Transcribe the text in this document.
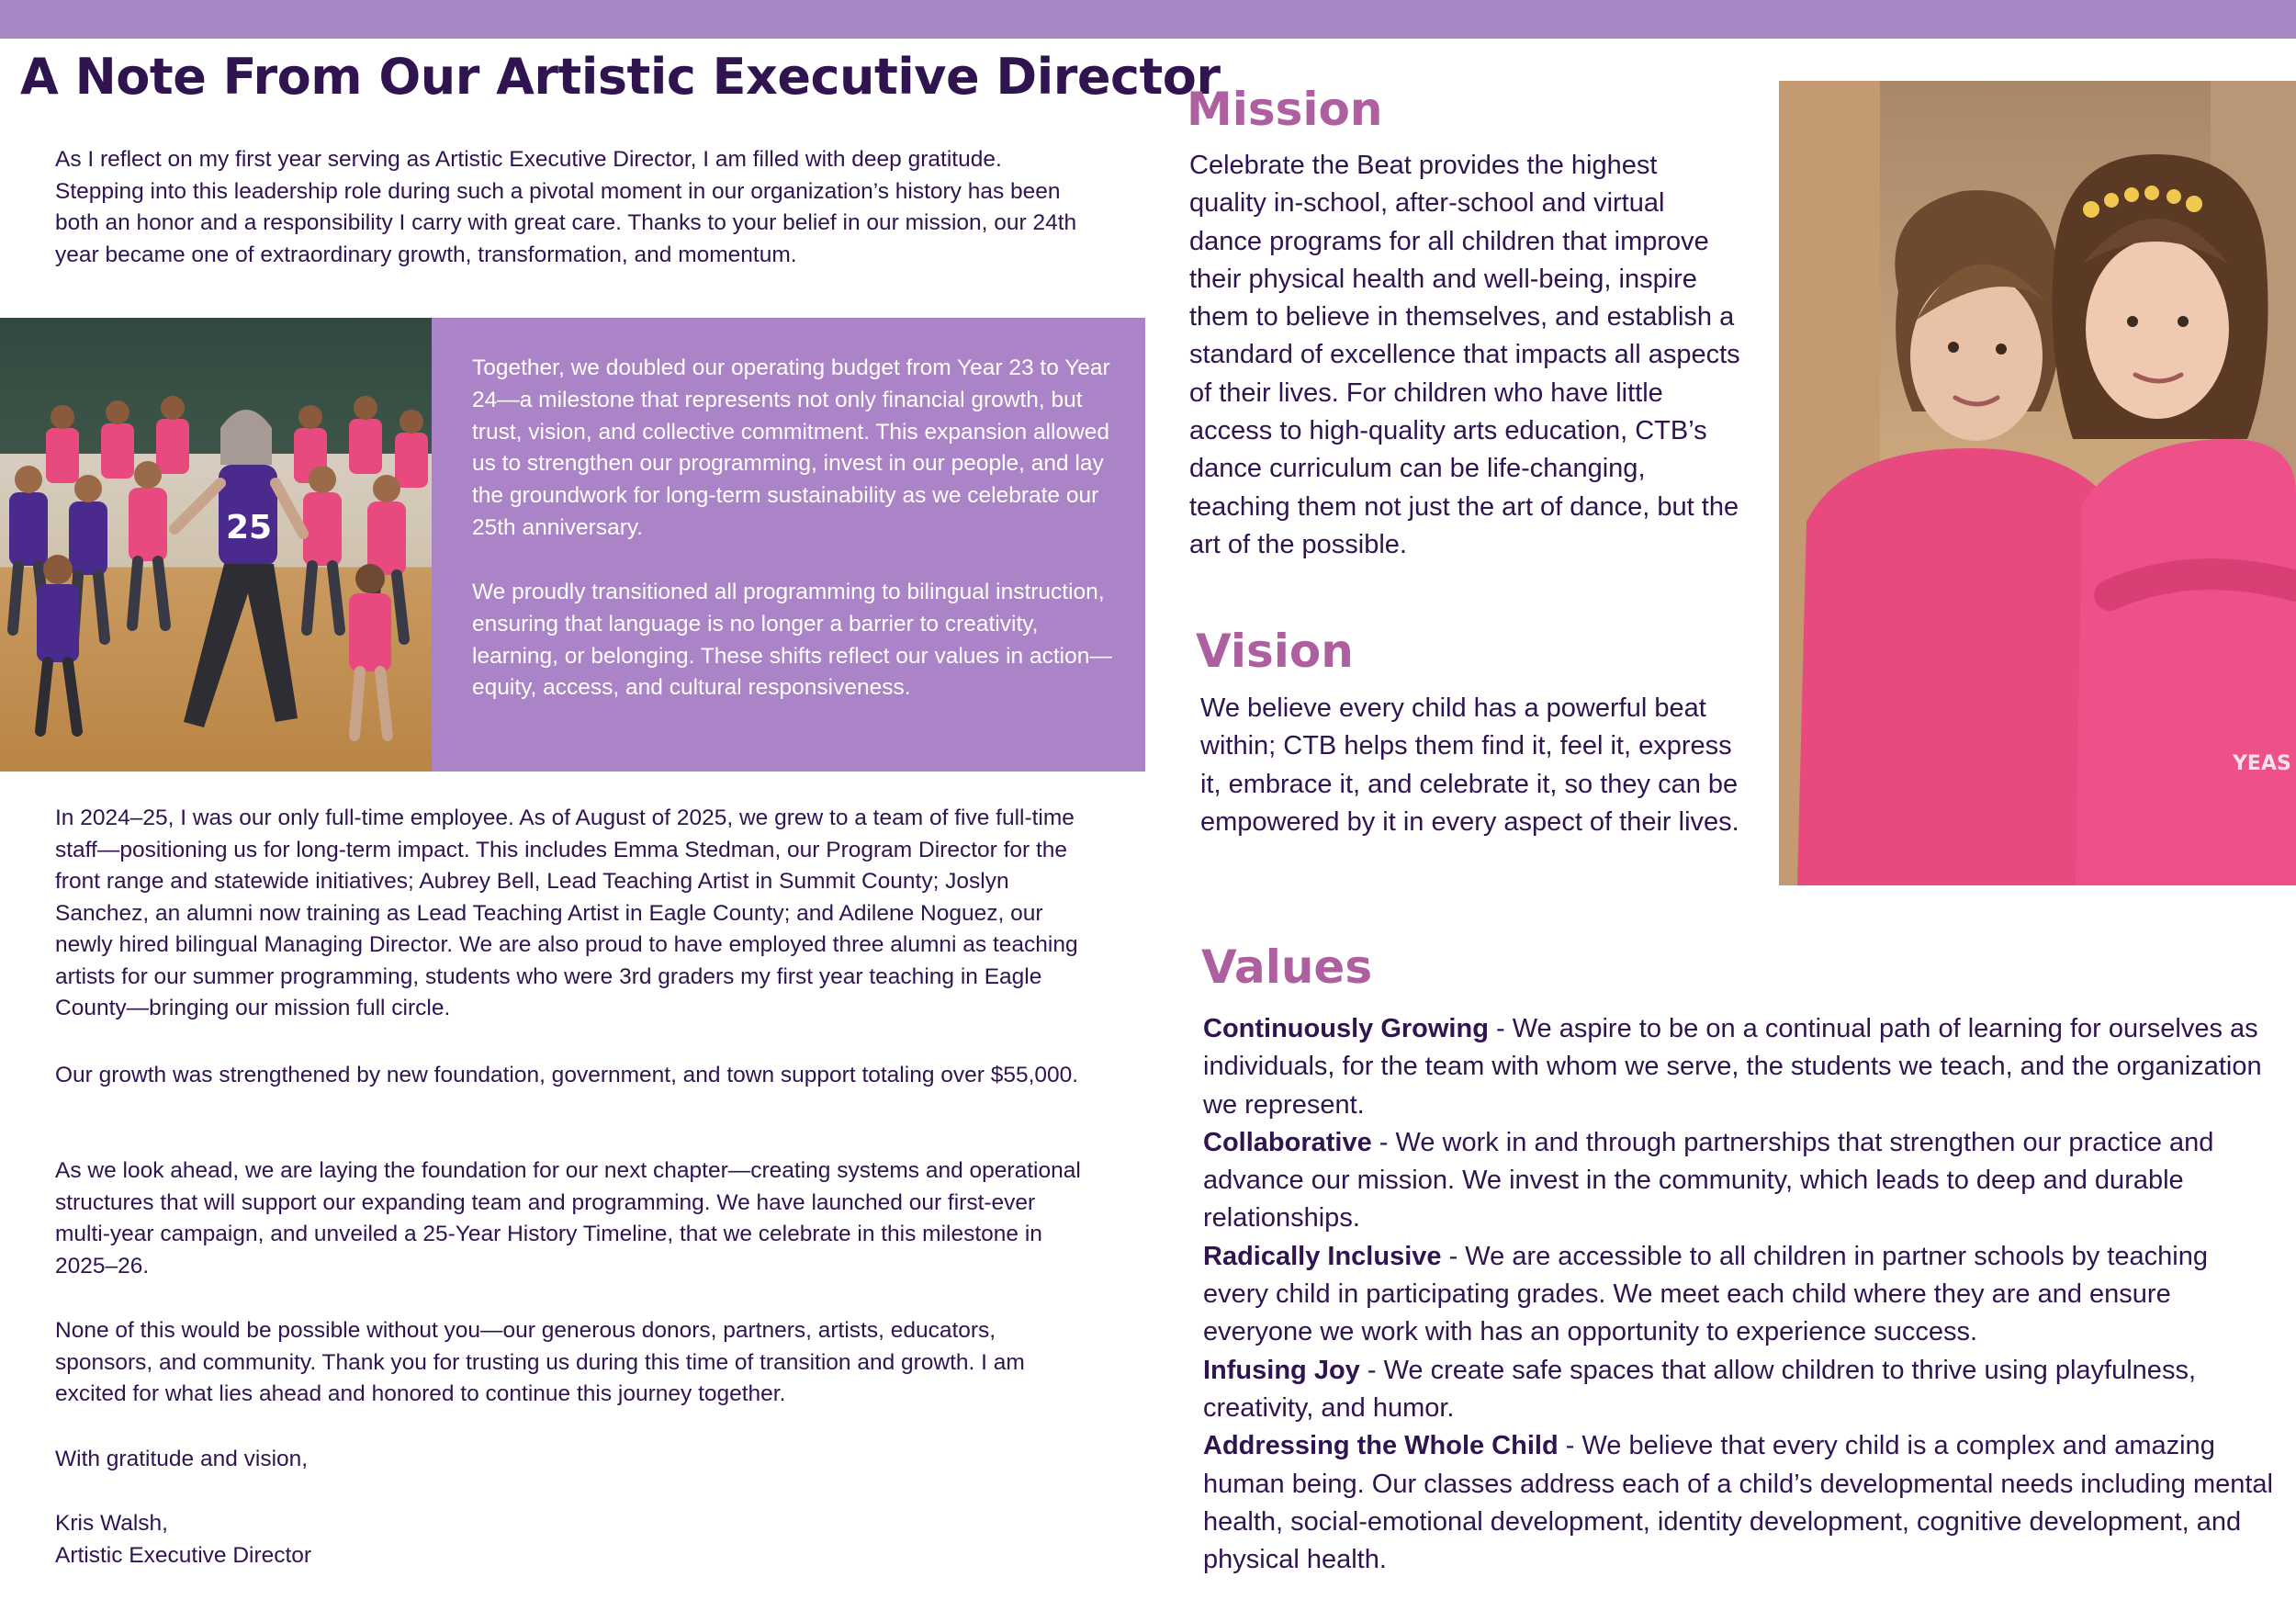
A Note From Our Artistic Executive Director

As I reflect on my first year serving as Artistic Executive Director, I am filled with deep gratitude. Stepping into this leadership role during such a pivotal moment in our organization’s history has been both an honor and a responsibility I carry with great care. Thanks to your belief in our mission, our 24th year became one of extraordinary growth, transformation, and momentum.

25

Together, we doubled our operating budget from Year 23 to Year 24—a milestone that represents not only financial growth, but trust, vision, and collective commitment. This expansion allowed us to strengthen our programming, invest in our people, and lay the groundwork for long-term sustainability as we celebrate our 25th anniversary.

We proudly transitioned all programming to bilingual instruction, ensuring that language is no longer a barrier to creativity, learning, or belonging. These shifts reflect our values in action—equity, access, and cultural responsiveness.

In 2024–25, I was our only full-time employee. As of August of 2025, we grew to a team of five full-time staff—positioning us for long-term impact. This includes Emma Stedman, our Program Director for the front range and statewide initiatives; Aubrey Bell, Lead Teaching Artist in Summit County; Joslyn Sanchez, an alumni now training as Lead Teaching Artist in Eagle County; and Adilene Noguez, our newly hired bilingual Managing Director. We are also proud to have employed three alumni as teaching artists for our summer programming, students who were 3rd graders my first year teaching in Eagle County—bringing our mission full circle.

Our growth was strengthened by new foundation, government, and town support totaling over $55,000.

As we look ahead, we are laying the foundation for our next chapter—creating systems and operational structures that will support our expanding team and programming. We have launched our first-ever multi-year campaign, and unveiled a 25-Year History Timeline, that we celebrate in this milestone in 2025–26.

None of this would be possible without you—our generous donors, partners, artists, educators, sponsors, and community. Thank you for trusting us during this time of transition and growth. I am excited for what lies ahead and honored to continue this journey together.

With gratitude and vision,

Kris Walsh,
Artistic Executive Director

Mission

Celebrate the Beat provides the highest quality in-school, after-school and virtual dance programs for all children that improve their physical health and well-being, inspire them to believe in themselves, and establish a standard of excellence that impacts all aspects of their lives. For children who have little access to high-quality arts education, CTB’s dance curriculum can be life-changing, teaching them not just the art of dance, but the art of the possible.

Vision

We believe every child has a powerful beat within; CTB helps them find it, feel it, express it, embrace it, and celebrate it, so they can be empowered by it in every aspect of their lives.

YEAS
Values
Continuously Growing - We aspire to be on a continual path of learning for ourselves as individuals, for the team with whom we serve, the students we teach, and the organization we represent.
Collaborative - We work in and through partnerships that strengthen our practice and advance our mission. We invest in the community, which leads to deep and durable relationships.
Radically Inclusive - We are accessible to all children in partner schools by teaching every child in participating grades. We meet each child where they are and ensure everyone we work with has an opportunity to experience success.
Infusing Joy - We create safe spaces that allow children to thrive using playfulness, creativity, and humor.
Addressing the Whole Child - We believe that every child is a complex and amazing human being. Our classes address each of a child’s developmental needs including mental health, social-emotional development, identity development, cognitive development, and physical health.
